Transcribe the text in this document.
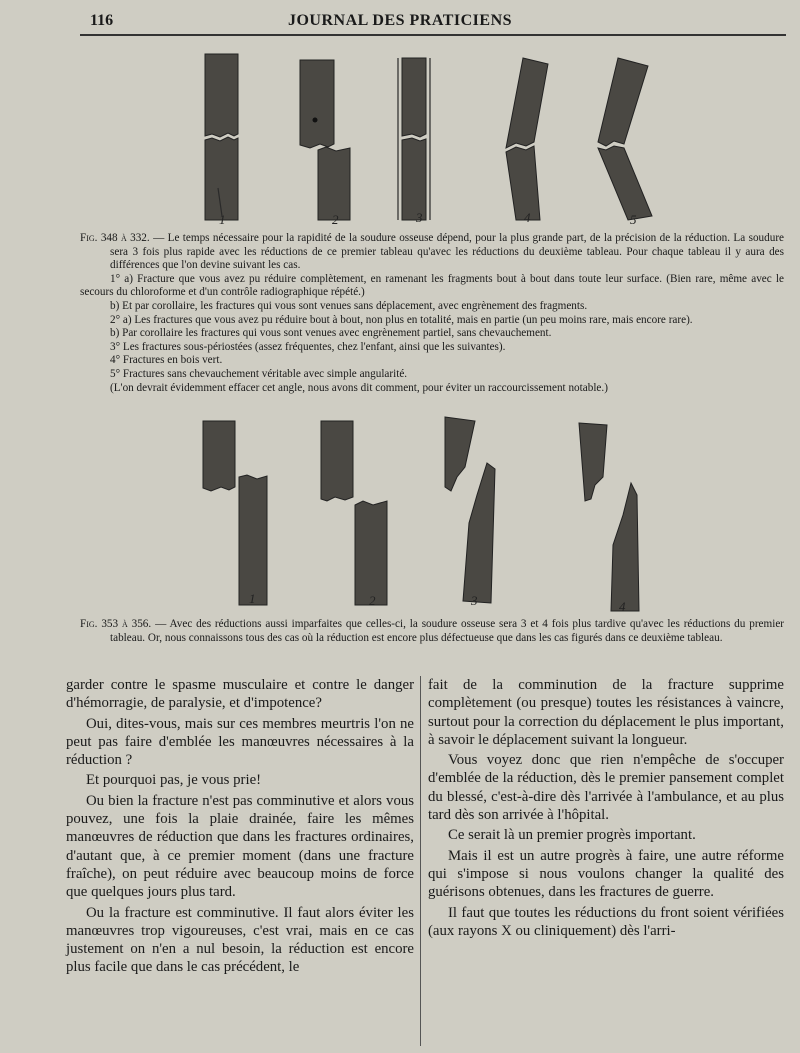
116	JOURNAL DES PRATICIENS
1	2	3	4	5

Fig. 348 à 332. — Le temps nécessaire pour la rapidité de la soudure osseuse dépend, pour la plus grande part, de la précision de la réduction. La soudure sera 3 fois plus rapide avec les réductions de ce premier tableau qu'avec les réductions du deuxième tableau. Pour chaque tableau il y aura des différences que l'on devine suivant les cas.

1° a) Fracture que vous avez pu réduire complètement, en ramenant les fragments bout à bout dans toute leur surface. (Bien rare, même avec le secours du chloroforme et d'un contrôle radiographique répété.)

b) Et par corollaire, les fractures qui vous sont venues sans déplacement, avec engrènement des fragments.

2° a) Les fractures que vous avez pu réduire bout à bout, non plus en totalité, mais en partie (un peu moins rare, mais encore rare).

b) Par corollaire les fractures qui vous sont venues avec engrènement partiel, sans chevauchement.

3° Les fractures sous-périostées (assez fréquentes, chez l'enfant, ainsi que les suivantes).

4° Fractures en bois vert.

5° Fractures sans chevauchement véritable avec simple angularité.

(L'on devrait évidemment effacer cet angle, nous avons dit comment, pour éviter un raccourcissement notable.)

1	2	3	4

Fig. 353 à 356. — Avec des réductions aussi imparfaites que celles-ci, la soudure osseuse sera 3 et 4 fois plus tardive qu'avec les réductions du premier tableau. Or, nous connaissons tous des cas où la réduction est encore plus défectueuse que dans les cas figurés dans ce deuxième tableau.

garder contre le spasme musculaire et contre le danger d'hémorragie, de paralysie, et d'impotence?

Oui, dites-vous, mais sur ces membres meurtris l'on ne peut pas faire d'emblée les manœuvres nécessaires à la réduction ?

Et pourquoi pas, je vous prie!

Ou bien la fracture n'est pas comminutive et alors vous pouvez, une fois la plaie drainée, faire les mêmes manœuvres de réduction que dans les fractures ordinaires, d'autant que, à ce premier moment (dans une fracture fraîche), on peut réduire avec beaucoup moins de force que quelques jours plus tard.

Ou la fracture est comminutive. Il faut alors éviter les manœuvres trop vigoureuses, c'est vrai, mais en ce cas justement on n'en a nul besoin, la réduction est encore plus facile que dans le cas précédent, le

fait de la comminution de la fracture supprime complètement (ou presque) toutes les résistances à vaincre, surtout pour la correction du déplacement le plus important, à savoir le déplacement suivant la longueur.

Vous voyez donc que rien n'empêche de s'occuper d'emblée de la réduction, dès le premier pansement complet du blessé, c'est-à-dire dès l'arrivée à l'ambulance, et au plus tard dès son arrivée à l'hôpital.

Ce serait là un premier progrès important.

Mais il est un autre progrès à faire, une autre réforme qui s'impose si nous voulons changer la qualité des guérisons obtenues, dans les fractures de guerre.

Il faut que toutes les réductions du front soient vérifiées (aux rayons X ou cliniquement) dès l'arri-
